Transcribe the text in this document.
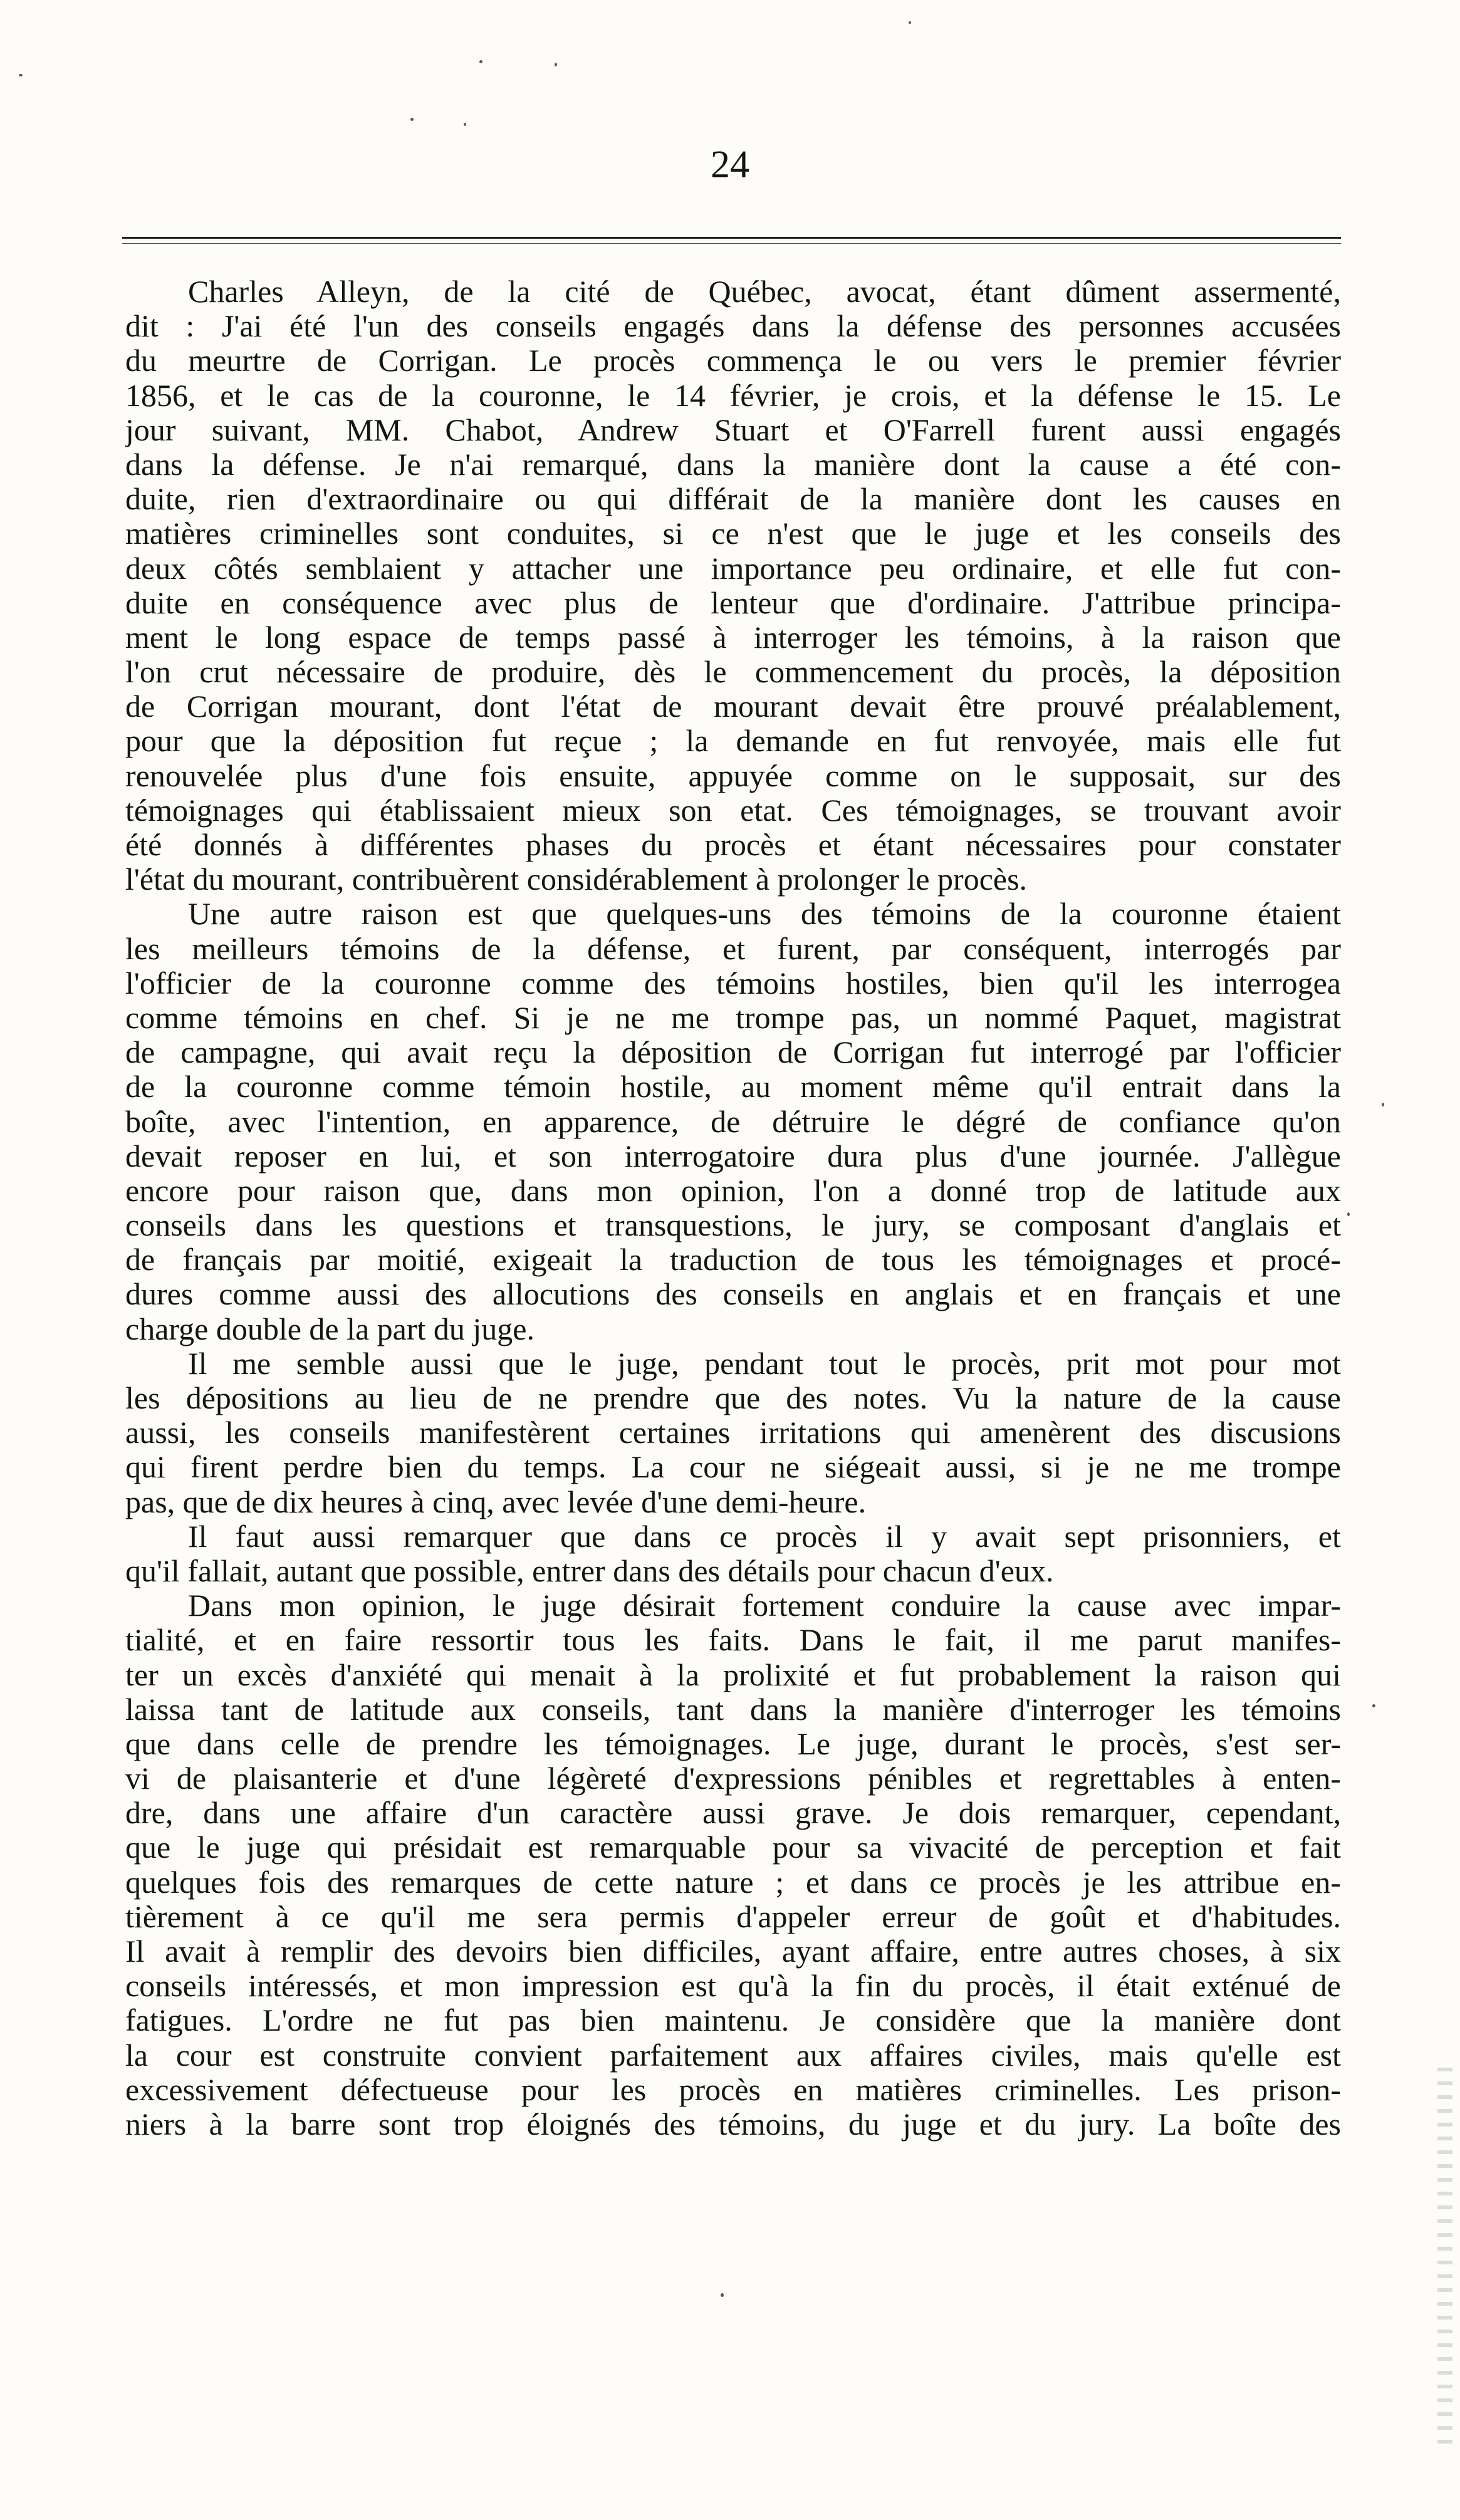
24
Charles Alleyn, de la cité de Québec, avocat, étant dûment assermenté,
dit : J'ai été l'un des conseils engagés dans la défense des personnes accusées
du meurtre de Corrigan. Le procès commença le ou vers le premier février
1856, et le cas de la couronne, le 14 février, je crois, et la défense le 15. Le
jour suivant, MM. Chabot, Andrew Stuart et O'Farrell furent aussi engagés
dans la défense. Je n'ai remarqué, dans la manière dont la cause a été con-
duite, rien d'extraordinaire ou qui différait de la manière dont les causes en
matières criminelles sont conduites, si ce n'est que le juge et les conseils des
deux côtés semblaient y attacher une importance peu ordinaire, et elle fut con-
duite en conséquence avec plus de lenteur que d'ordinaire. J'attribue principa-
ment le long espace de temps passé à interroger les témoins, à la raison que
l'on crut nécessaire de produire, dès le commencement du procès, la déposition
de Corrigan mourant, dont l'état de mourant devait être prouvé préalablement,
pour que la déposition fut reçue ; la demande en fut renvoyée, mais elle fut
renouvelée plus d'une fois ensuite, appuyée comme on le supposait, sur des
témoignages qui établissaient mieux son etat. Ces témoignages, se trouvant avoir
été donnés à différentes phases du procès et étant nécessaires pour constater
l'état du mourant, contribuèrent considérablement à prolonger le procès.
Une autre raison est que quelques-uns des témoins de la couronne étaient
les meilleurs témoins de la défense, et furent, par conséquent, interrogés par
l'officier de la couronne comme des témoins hostiles, bien qu'il les interrogea
comme témoins en chef. Si je ne me trompe pas, un nommé Paquet, magistrat
de campagne, qui avait reçu la déposition de Corrigan fut interrogé par l'officier
de la couronne comme témoin hostile, au moment même qu'il entrait dans la
boîte, avec l'intention, en apparence, de détruire le dégré de confiance qu'on
devait reposer en lui, et son interrogatoire dura plus d'une journée. J'allègue
encore pour raison que, dans mon opinion, l'on a donné trop de latitude aux
conseils dans les questions et transquestions, le jury, se composant d'anglais et
de français par moitié, exigeait la traduction de tous les témoignages et procé-
dures comme aussi des allocutions des conseils en anglais et en français et une
charge double de la part du juge.
Il me semble aussi que le juge, pendant tout le procès, prit mot pour mot
les dépositions au lieu de ne prendre que des notes. Vu la nature de la cause
aussi, les conseils manifestèrent certaines irritations qui amenèrent des discusions
qui firent perdre bien du temps. La cour ne siégeait aussi, si je ne me trompe
pas, que de dix heures à cinq, avec levée d'une demi-heure.
Il faut aussi remarquer que dans ce procès il y avait sept prisonniers, et
qu'il fallait, autant que possible, entrer dans des détails pour chacun d'eux.
Dans mon opinion, le juge désirait fortement conduire la cause avec impar-
tialité, et en faire ressortir tous les faits. Dans le fait, il me parut manifes-
ter un excès d'anxiété qui menait à la prolixité et fut probablement la raison qui
laissa tant de latitude aux conseils, tant dans la manière d'interroger les témoins
que dans celle de prendre les témoignages. Le juge, durant le procès, s'est ser-
vi de plaisanterie et d'une légèreté d'expressions pénibles et regrettables à enten-
dre, dans une affaire d'un caractère aussi grave. Je dois remarquer, cependant,
que le juge qui présidait est remarquable pour sa vivacité de perception et fait
quelques fois des remarques de cette nature ; et dans ce procès je les attribue en-
tièrement à ce qu'il me sera permis d'appeler erreur de goût et d'habitudes.
Il avait à remplir des devoirs bien difficiles, ayant affaire, entre autres choses, à six
conseils intéressés, et mon impression est qu'à la fin du procès, il était exténué de
fatigues. L'ordre ne fut pas bien maintenu. Je considère que la manière dont
la cour est construite convient parfaitement aux affaires civiles, mais qu'elle est
excessivement défectueuse pour les procès en matières criminelles. Les prison-
niers à la barre sont trop éloignés des témoins, du juge et du jury. La boîte des
